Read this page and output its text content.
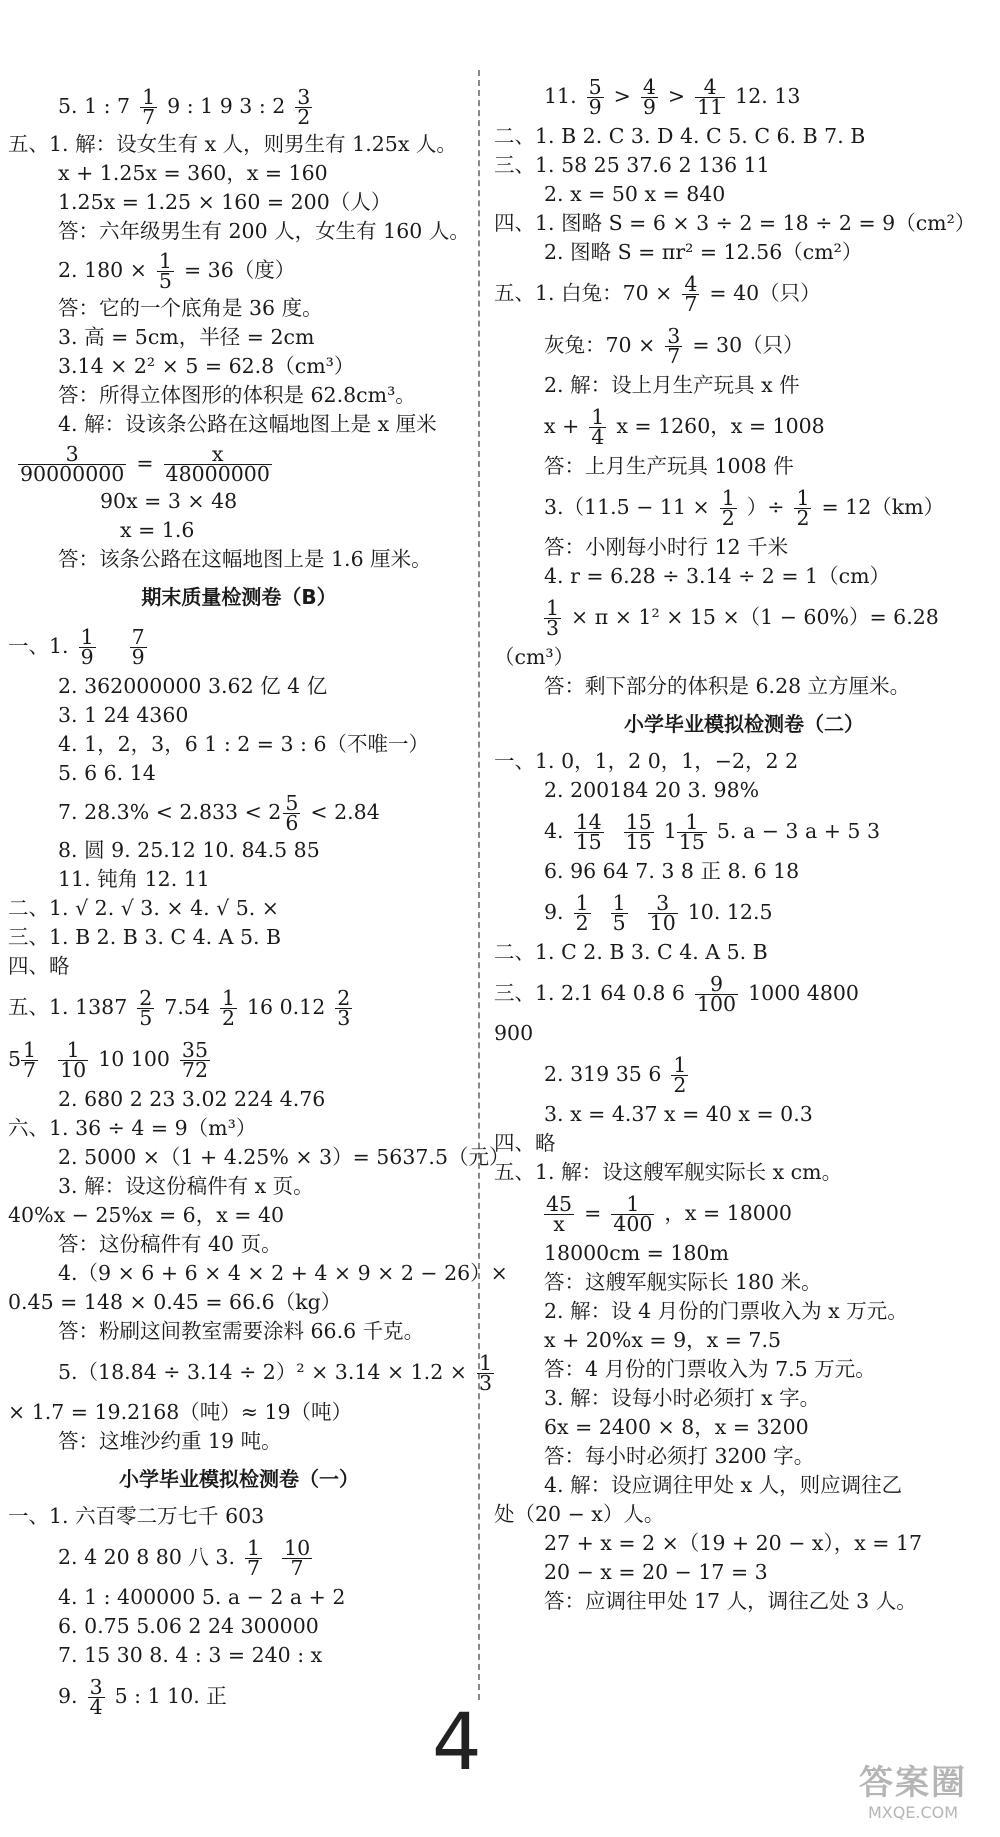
5. 1 : $7 \frac{1}{7} 9$ : 1 9 3 : $2 \frac{3}{2}$
五、1. 解：设女生有 x 人，则男生有 1.25x 人。
x + 1.25x = 360，x = 160
1.25x = 1.25 × 160 = 200（人）
答：六年级男生有 200 人，女生有 160 人。
2. $180 \times \frac{1}{5} = 36$（度）
答：它的一个底角是 36 度。
3. 高 = 5cm，半径 = 2cm
3.14 × 2² × 5 = 62.8（cm³）
答：所得立体图形的体积是 62.8cm³。
4. 解：设该条公路在这幅地图上是 x 厘米
$\frac{3}{90000000} = \frac{x}{48000000}$
90x = 3 × 48
x = 1.6
答：该条公路在这幅地图上是 1.6 厘米。
期末质量检测卷（B）
一、1. $\frac{1}{9} \frac{7}{9}$
2. 362000000 3.62 亿 4 亿
3. 1 24 4360
4. 1，2，3，6 1 : 2 = 3 : 6（不唯一）
5. 6 6. 14
7. $28.3\% < 2.833 < 2 \frac{5}{6} < 2.84$
8. 圆 9. 25.12 10. 84.5 85
11. 钝角 12. 11
二、1. √ 2. √ 3. × 4. √ 5. ×
三、1. B 2. B 3. C 4. A 5. B
四、略
五、1. $1387 \frac{2}{5} 7.54 \frac{1}{2} 16$ $0.12 \frac{2}{3}$
$5 \frac{1}{7} \frac{1}{10} 10$ $100 \frac{35}{72}$
2. 680 2 23 3.02 224 4.76
六、1. 36 ÷ 4 = 9（m³）
2. 5000 ×（1 + 4.25% × 3）= 5637.5（元）
3. 解：设这份稿件有 x 页。
40%x − 25%x = 6，x = 40
答：这份稿件有 40 页。
4.（9 × 6 + 6 × 4 × 2 + 4 × 9 × 2 − 26）×
0.45 = 148 × 0.45 = 66.6（kg）
答：粉刷这间教室需要涂料 66.6 千克。
$5.(18.84 \div 3.14 \div 2)^2 \times 3.14 \times 1.2 \times \frac{1}{3}$
× 1.7 = 19.2168（吨）≈ 19（吨）
答：这堆沙约重 19 吨。
小学毕业模拟检测卷（一）
一、1. 六百零二万七千 603
2. 4 20 8 80 八 3. $\frac{1}{7} \frac{10}{7}$
4. 1 : 400000 5. a − 2 a + 2
6. 0.75 5.06 2 24 300000
7. 15 30 8. 4 : 3 = 240 : x
9. $\frac{3}{4} 5$ : 1 10. 正
11. $\frac{5}{9} > \frac{4}{9} > \frac{4}{11} 12$. 13
二、1. B 2. C 3. D 4. C 5. C 6. B 7. B
三、1. 58 25 37.6 2 136 11
2. x = 50 x = 840
四、1. 图略 S = 6 × 3 ÷ 2 = 18 ÷ 2 = 9（cm²）
2. 图略 S = πr² = 12.56（cm²）
五、1. 白兔：$70 \times \frac{4}{7} = 40$（只）
灰兔：$70 \times \frac{3}{7} = 30$（只）
2. 解：设上月生产玩具 x 件
$x + \frac{1}{4}$ x = 1260，x = 1008
答：上月生产玩具 1008 件
$3.(11.5 - 11 \times \frac{1}{2}$ ）÷ $\frac{1}{2} = 12(km)$
答：小刚每小时行 12 千米
4. r = 6.28 ÷ 3.14 ÷ 2 = 1（cm）
$\frac{1}{3} \times \pi \times 1^2 \times 15 \times(1 - 60\%)= 6.28$
（cm³）
答：剩下部分的体积是 6.28 立方厘米。
小学毕业模拟检测卷（二）
一、1. 0，1，2 0，1，−2，2 2
2. 200184 20 3. 98%
4. $\frac{14}{15} \frac{15}{15} 1 \frac{1}{15} 5$. a − 3 a + 5 3
6. 96 64 7. 3 8 正 8. 6 18
9. $\frac{1}{2} \frac{1}{5} \frac{3}{10} 10$. 12.5
二、1. C 2. B 3. C 4. A 5. B
三、1. 2.1 64 0.8 $6 \frac{9}{100} 1000$ 4800
900
2. 319 35 $6 \frac{1}{2}$
3. x = 4.37 x = 40 x = 0.3
四、略
五、1. 解：设这艘军舰实际长 x cm。
$\frac{45}{x} = \frac{1}{400}$ ，x = 18000
18000cm = 180m
答：这艘军舰实际长 180 米。
2. 解：设 4 月份的门票收入为 x 万元。
x + 20%x = 9，x = 7.5
答：4 月份的门票收入为 7.5 万元。
3. 解：设每小时必须打 x 字。
6x = 2400 × 8，x = 3200
答：每小时必须打 3200 字。
4. 解：设应调往甲处 x 人，则应调往乙
处（20 − x）人。
27 + x = 2 ×（19 + 20 − x），x = 17
20 − x = 20 − 17 = 3
答：应调往甲处 17 人，调往乙处 3 人。
4	答案圈
MXQE.COM
